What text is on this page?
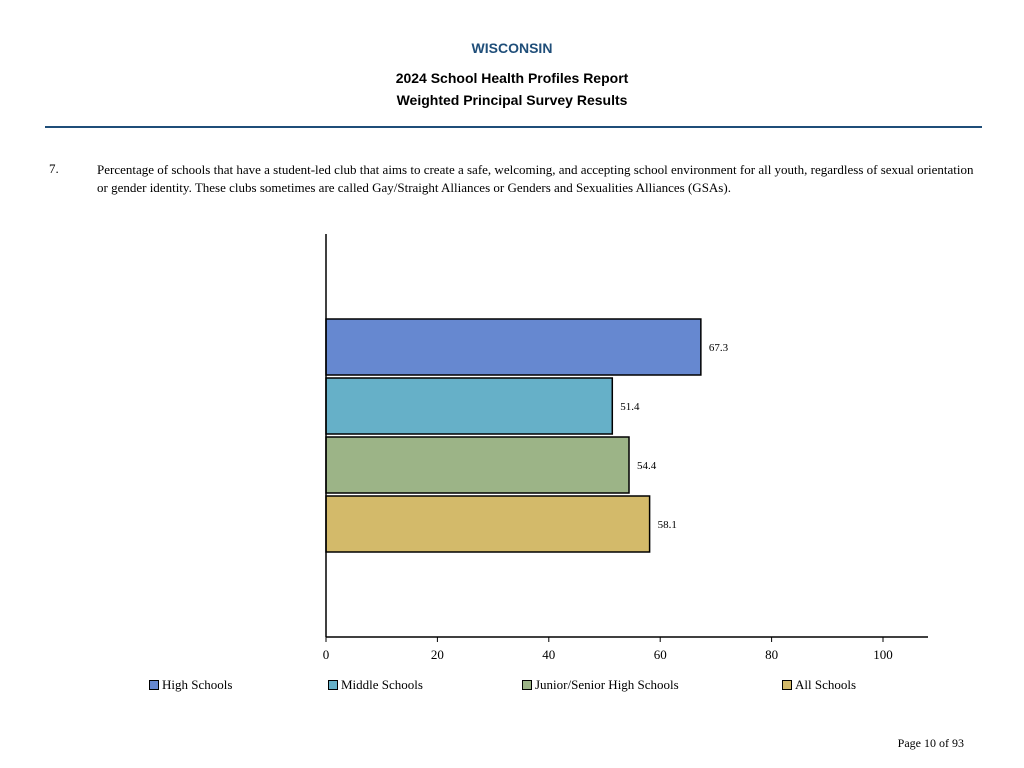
WISCONSIN
2024 School Health Profiles Report
Weighted Principal Survey Results
7.	Percentage of schools that have a student-led club that aims to create a safe, welcoming, and accepting school environment for all youth, regardless of sexual orientation or gender identity. These clubs sometimes are called Gay/Straight Alliances or Genders and Sexualities Alliances (GSAs).
67.3
51.4
54.4
58.1
0	20	40	60	80	100
High Schools	Middle Schools	Junior/Senior High Schools	All Schools
Page 10 of 93
